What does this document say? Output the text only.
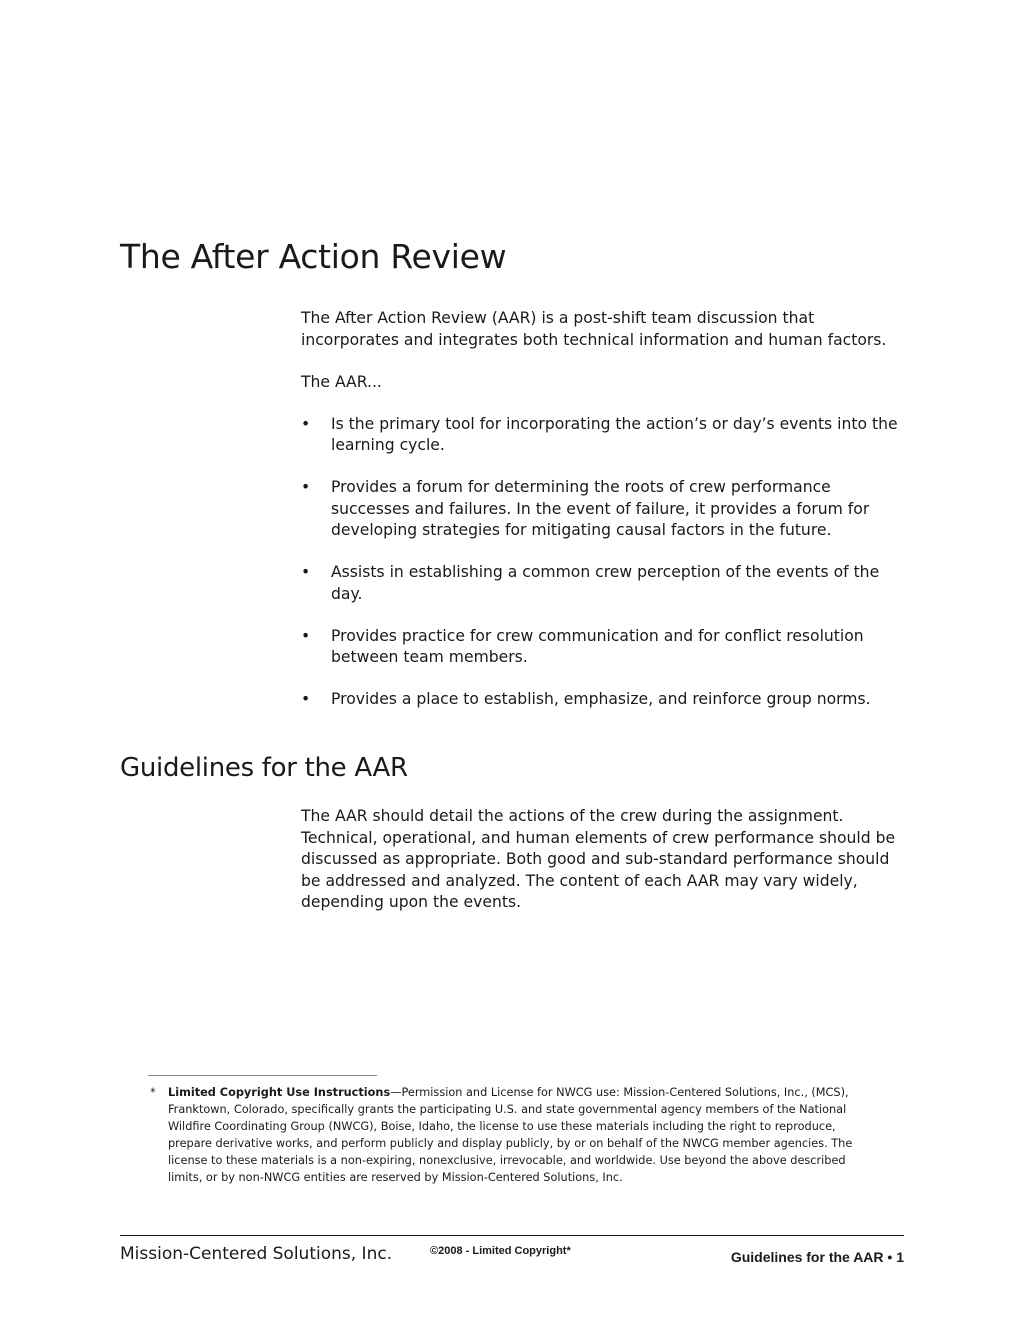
The After Action Review

The After Action Review (AAR) is a post-shift team discussion that incorporates and integrates both technical information and human factors.

The AAR...

• Is the primary tool for incorporating the action’s or day’s events into the learning cycle.
• Provides a forum for determining the roots of crew performance successes and failures. In the event of failure, it provides a forum for developing strategies for mitigating causal factors in the future.
• Assists in establishing a common crew perception of the events of the day.
• Provides practice for crew communication and for conflict resolution between team members.
• Provides a place to establish, emphasize, and reinforce group norms.
Guidelines for the AAR

The AAR should detail the actions of the crew during the assignment. Technical, operational, and human elements of crew performance should be discussed as appropriate. Both good and sub-standard performance should be addressed and analyzed. The content of each AAR may vary widely, depending upon the events.

*	Limited Copyright Use Instructions—Permission and License for NWCG use: Mission-Centered Solutions, Inc., (MCS), Franktown, Colorado, specifically grants the participating U.S. and state governmental agency members of the National Wildfire Coordinating Group (NWCG), Boise, Idaho, the license to use these materials including the right to reproduce, prepare derivative works, and perform publicly and display publicly, by or on behalf of the NWCG member agencies. The license to these materials is a non-expiring, nonexclusive, irrevocable, and worldwide. Use beyond the above described limits, or by non-NWCG entities are reserved by Mission-Centered Solutions, Inc.
Mission-Centered Solutions, Inc.	©2008 - Limited Copyright*	Guidelines for the AAR • 1
